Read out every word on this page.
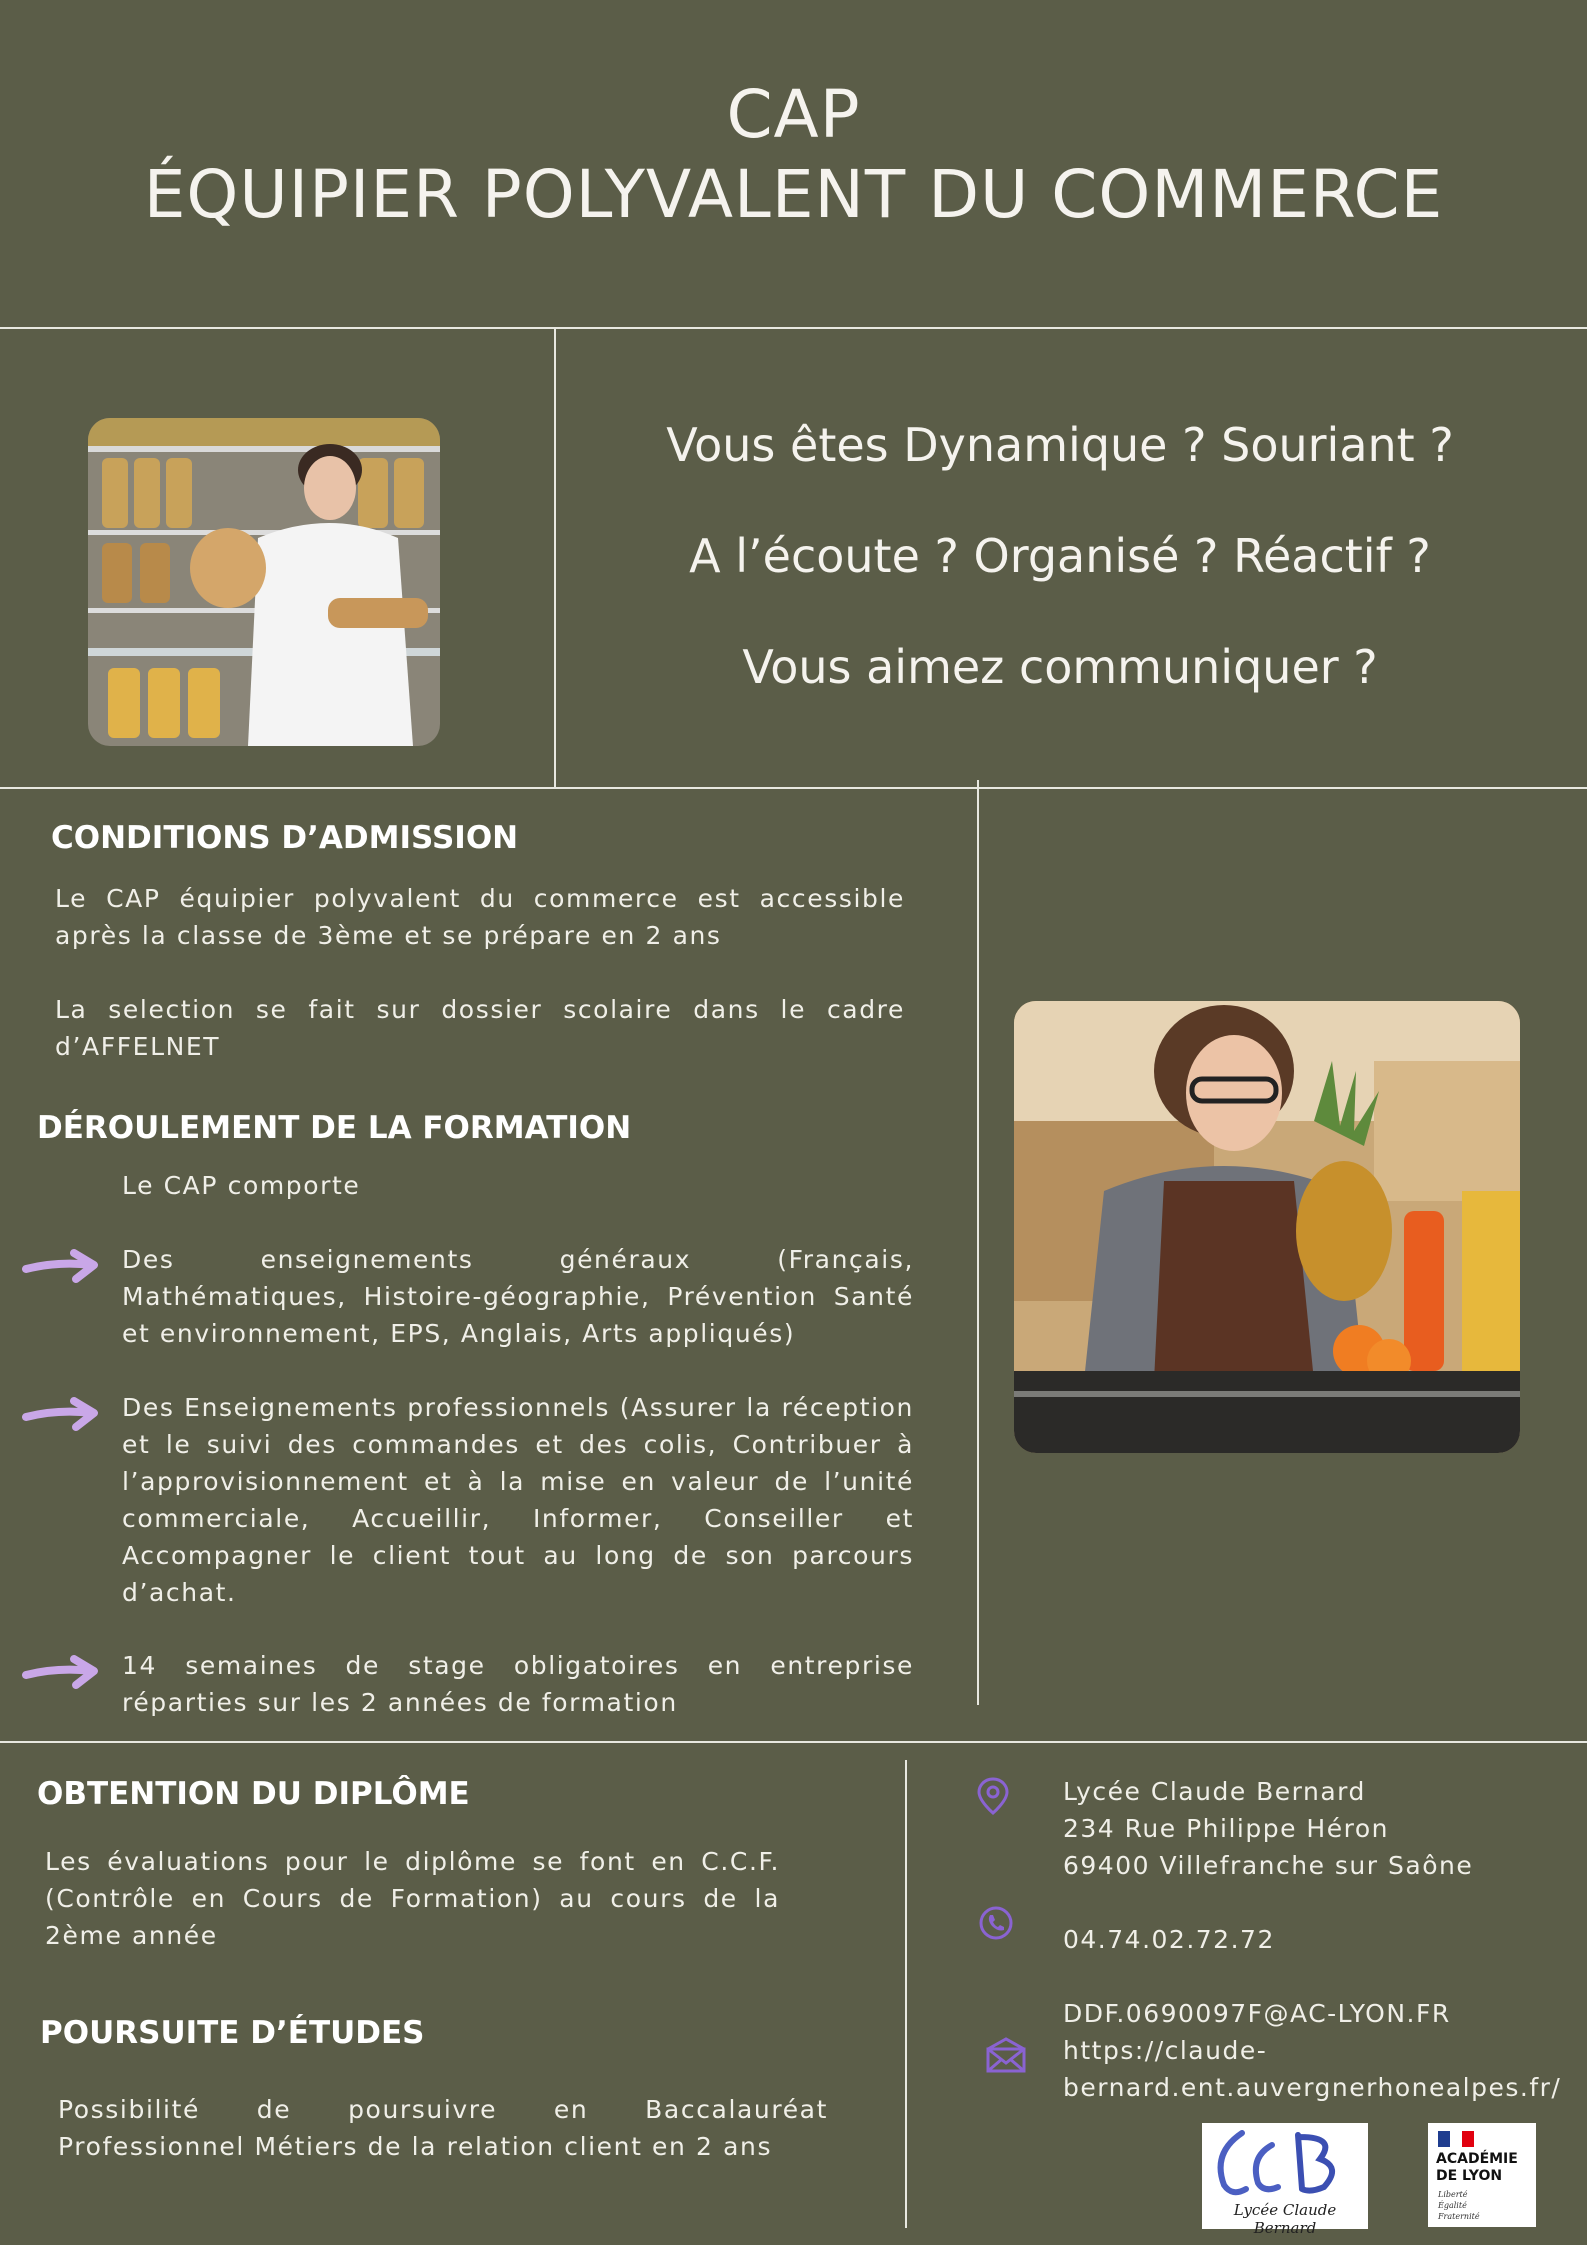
CAP
ÉQUIPIER POLYVALENT DU COMMERCE
Vous êtes Dynamique ? Souriant ?
A l’écoute ? Organisé ? Réactif ?
Vous aimez communiquer ?
CONDITIONS D’ADMISSION
Le CAP équipier polyvalent du commerce est accessible après la classe de 3ème et se prépare en 2 ans
La selection se fait sur dossier scolaire dans le cadre d’AFFELNET
DÉROULEMENT DE LA FORMATION
Le CAP comporte
Des enseignements généraux (Français, Mathématiques, Histoire-géographie, Prévention Santé et environnement, EPS, Anglais, Arts appliqués)
Des Enseignements professionnels (Assurer la réception et le suivi des commandes et des colis, Contribuer à l’approvisionnement et à la mise en valeur de l’unité commerciale, Accueillir, Informer, Conseiller et Accompagner le client tout au long de son parcours d’achat.
14 semaines de stage obligatoires en entreprise réparties sur les 2 années de formation
OBTENTION DU DIPLÔME
Les évaluations pour le diplôme se font en C.C.F. (Contrôle en Cours de Formation) au cours de la 2ème année
POURSUITE D’ÉTUDES
Possibilité de poursuivre en Baccalauréat Professionnel Métiers de la relation client en 2 ans
Lycée Claude Bernard
234 Rue Philippe Héron
69400 Villefranche sur Saône
04.74.02.72.72
DDF.0690097F@AC-LYON.FR
https://claude-
bernard.ent.auvergnerhonealpes.fr/
Lycée Claude Bernard
ACADÉMIE
DE LYON
Liberté
Égalité
Fraternité
